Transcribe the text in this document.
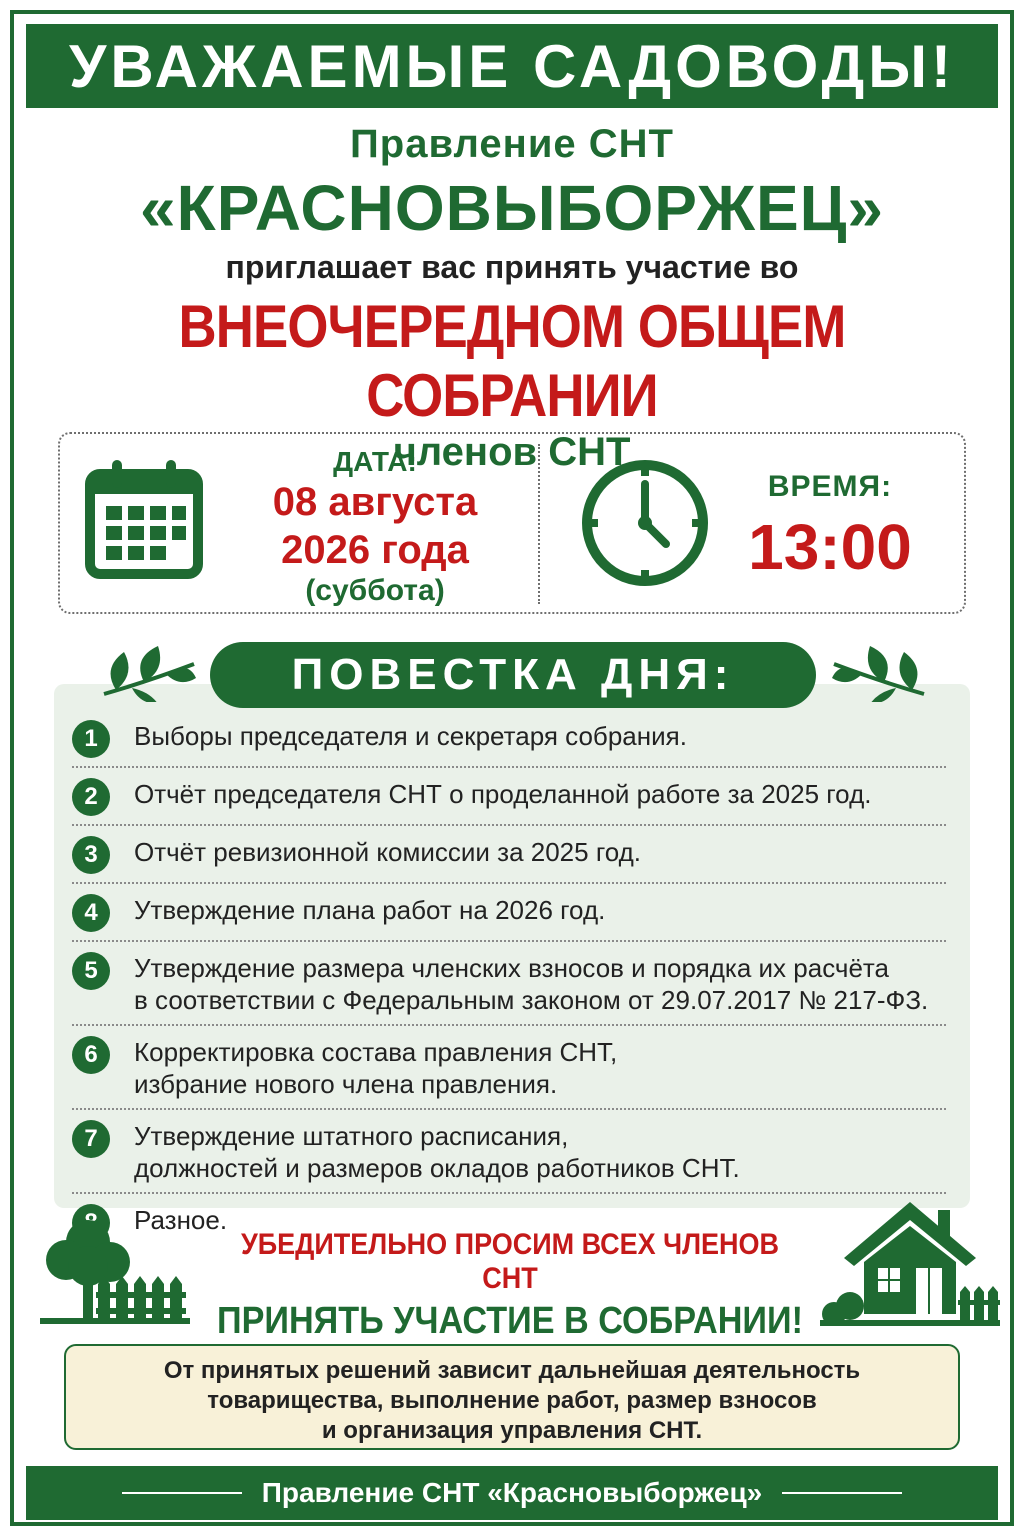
УВАЖАЕМЫЕ САДОВОДЫ!
Правление СНТ
«КРАСНОВЫБОРЖЕЦ»
приглашает вас принять участие во
ВНЕОЧЕРЕДНОМ ОБЩЕМ СОБРАНИИ
членов СНТ
ДАТА:
08 августа
2026 года
(суббота)
ВРЕМЯ:
13:00
ПОВЕСТКА ДНЯ:
1	Выборы председателя и секретаря собрания.
2	Отчёт председателя СНТ о проделанной работе за 2025 год.
3	Отчёт ревизионной комиссии за 2025 год.
4	Утверждение плана работ на 2026 год.
5	Утверждение размера членских взносов и порядка их расчёта
в соответствии с Федеральным законом от 29.07.2017 № 217-ФЗ.
6	Корректировка состава правления СНТ,
избрание нового члена правления.
7	Утверждение штатного расписания,
должностей и размеров окладов работников СНТ.
Разное.
УБЕДИТЕЛЬНО ПРОСИМ ВСЕХ ЧЛЕНОВ СНТ
ПРИНЯТЬ УЧАСТИЕ В СОБРАНИИ!
От принятых решений зависит дальнейшая деятельность
товарищества, выполнение работ, размер взносов
и организация управления СНТ.
Правление СНТ «Красновыборжец»
